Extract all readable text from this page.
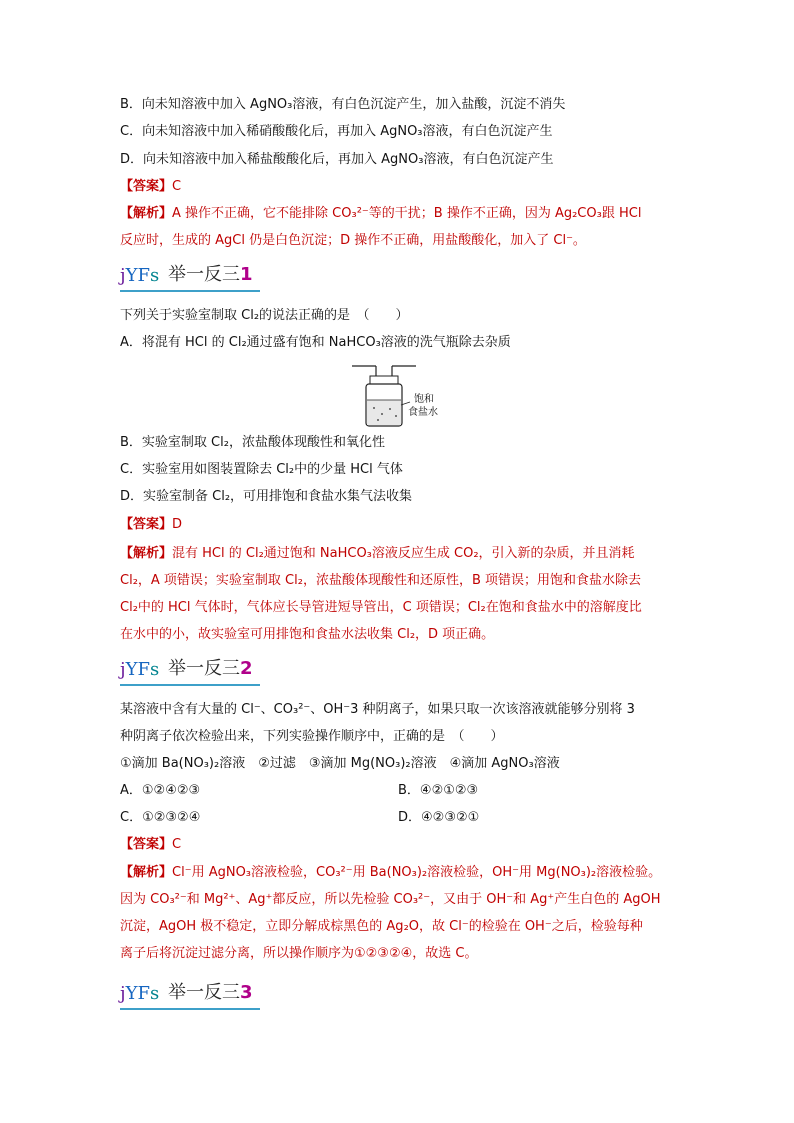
B．向未知溶液中加入 AgNO₃溶液，有白色沉淀产生，加入盐酸，沉淀不消失
C．向未知溶液中加入稀硝酸酸化后，再加入 AgNO₃溶液，有白色沉淀产生
D．向未知溶液中加入稀盐酸酸化后，再加入 AgNO₃溶液，有白色沉淀产生
【答案】C
【解析】A 操作不正确，它不能排除 CO₃²⁻等的干扰；B 操作不正确，因为 Ag₂CO₃跟 HCl
反应时，生成的 AgCl 仍是白色沉淀；D 操作不正确，用盐酸酸化，加入了 Cl⁻。
jYFs 举一反三1
下列关于实验室制取 Cl₂的说法正确的是　（　　）
A．将混有 HCl 的 Cl₂通过盛有饱和 NaHCO₃溶液的洗气瓶除去杂质
饱和
食盐水
B．实验室制取 Cl₂，浓盐酸体现酸性和氧化性
C．实验室用如图装置除去 Cl₂中的少量 HCl 气体
D．实验室制备 Cl₂，可用排饱和食盐水集气法收集
【答案】D
【解析】混有 HCl 的 Cl₂通过饱和 NaHCO₃溶液反应生成 CO₂，引入新的杂质，并且消耗
Cl₂，A 项错误；实验室制取 Cl₂，浓盐酸体现酸性和还原性，B 项错误；用饱和食盐水除去
Cl₂中的 HCl 气体时，气体应长导管进短导管出，C 项错误；Cl₂在饱和食盐水中的溶解度比
在水中的小，故实验室可用排饱和食盐水法收集 Cl₂，D 项正确。
jYFs 举一反三2
某溶液中含有大量的 Cl⁻、CO₃²⁻、OH⁻3 种阴离子，如果只取一次该溶液就能够分别将 3
种阴离子依次检验出来，下列实验操作顺序中，正确的是　（　　）
①滴加 Ba(NO₃)₂溶液　②过滤　③滴加 Mg(NO₃)₂溶液　④滴加 AgNO₃溶液
A．①②④②③	B．④②①②③
C．①②③②④	D．④②③②①
【答案】C
【解析】Cl⁻用 AgNO₃溶液检验，CO₃²⁻用 Ba(NO₃)₂溶液检验，OH⁻用 Mg(NO₃)₂溶液检验。
因为 CO₃²⁻和 Mg²⁺、Ag⁺都反应，所以先检验 CO₃²⁻，又由于 OH⁻和 Ag⁺产生白色的 AgOH
沉淀，AgOH 极不稳定，立即分解成棕黑色的 Ag₂O，故 Cl⁻的检验在 OH⁻之后，检验每种
离子后将沉淀过滤分离，所以操作顺序为①②③②④，故选 C。
jYFs 举一反三3
